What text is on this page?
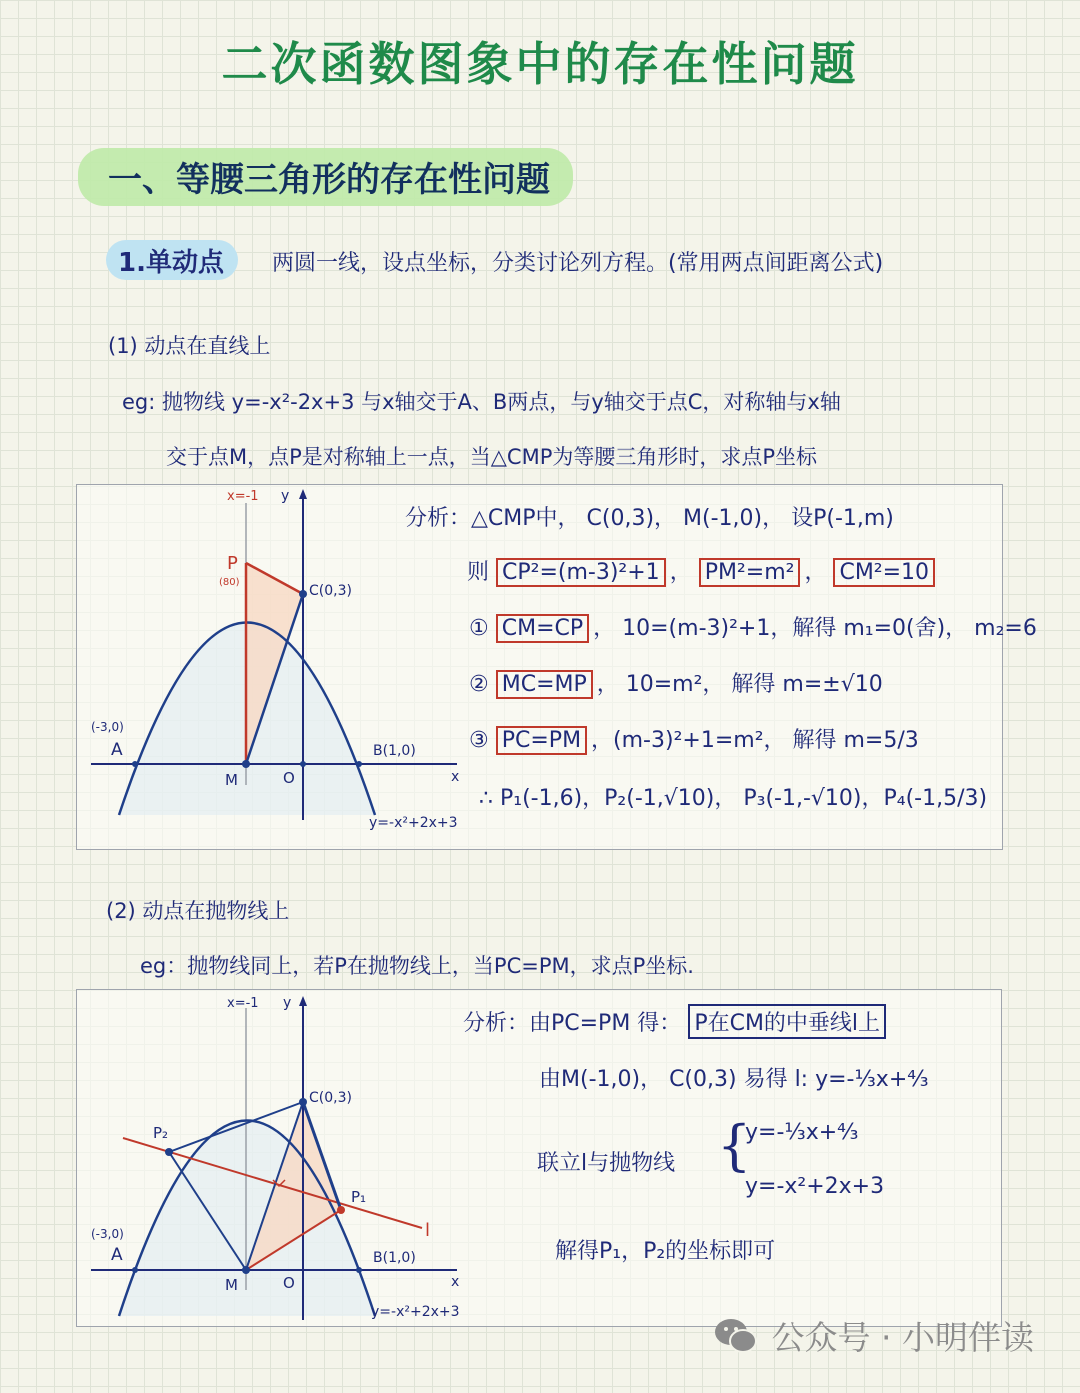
二次函数图象中的存在性问题
一、等腰三角形的存在性问题
1.单动点 两圆一线，设点坐标，分类讨论列方程。(常用两点间距离公式)
(1) 动点在直线上
eg: 抛物线 y=-x²-2x+3 与x轴交于A、B两点，与y轴交于点C，对称轴与x轴
交于点M，点P是对称轴上一点，当△CMP为等腰三角形时，求点P坐标
x=-1 y
x
P
(80)
C(0,3)
(-3,0)
A	B(1,0)
M	O
y=-x²+2x+3
分析：△CMP中， C(0,3)， M(-1,0)， 设P(-1,m)
则 CP²=(m-3)²+1 ， PM²=m² ， CM²=10
① CM=CP ， 10=(m-3)²+1，解得 m₁=0(舍)， m₂=6
② MC=MP ， 10=m²， 解得 m=±√10
③ PC=PM ，(m-3)²+1=m²， 解得 m=5/3
∴ P₁(-1,6)，P₂(-1,√10)， P₃(-1,-√10)，P₄(-1,5/3)
(2) 动点在抛物线上
eg：抛物线同上，若P在抛物线上，当PC=PM，求点P坐标.
x=-1 y
x
P₂
P₁
C(0,3)
(-3,0)
A	B(1,0)
M	O
l
y=-x²+2x+3
分析：由PC=PM 得： P在CM的中垂线l上
由M(-1,0)， C(0,3) 易得 l: y=-⅓x+⁴⁄₃
联立l与抛物线 {
y=-⅓x+⁴⁄₃
y=-x²+2x+3
解得P₁，P₂的坐标即可
公众号 · 小明伴读
